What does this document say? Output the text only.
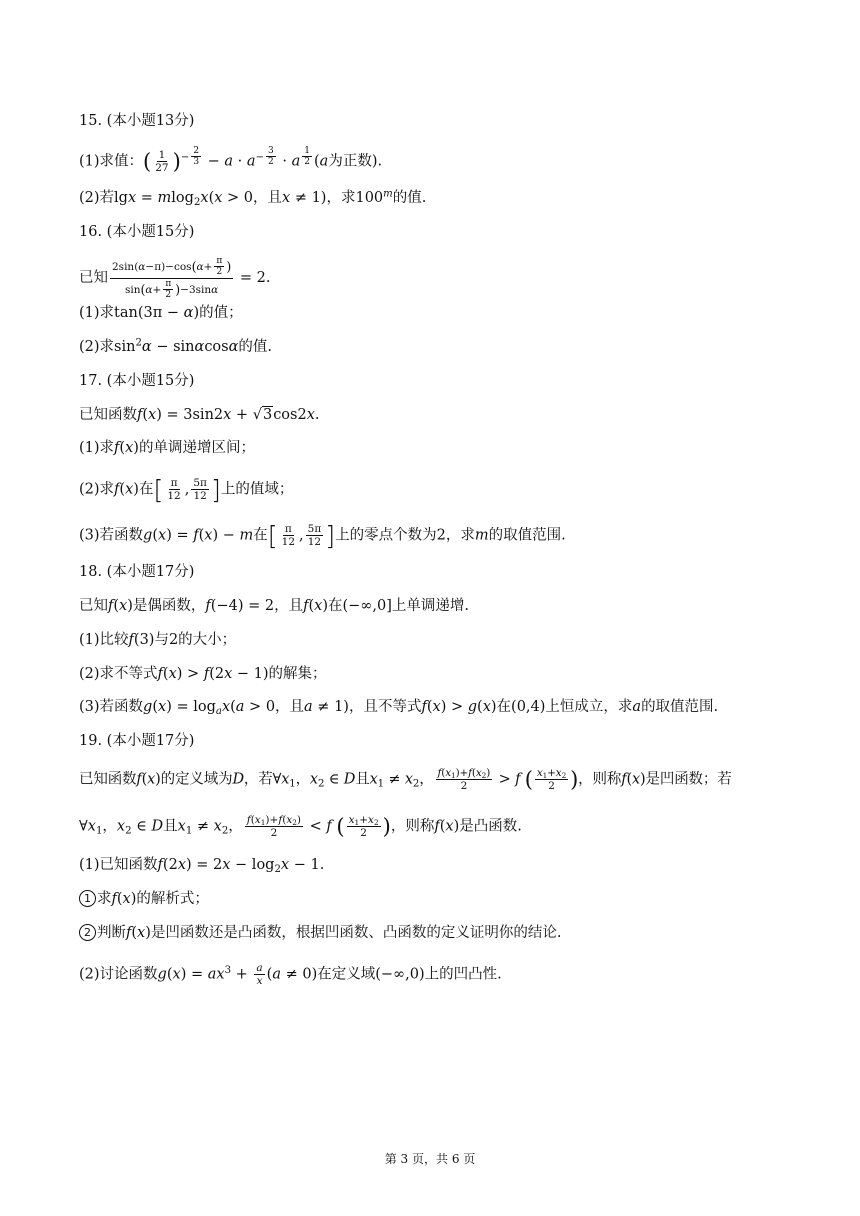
15. (本小题13分)
(1)求值：( $\frac{1}{27} )^{- \frac{2}{3}} - a \cdot a^{- \frac{3}{2}} \cdot a$ $^{\frac{1}{2}}$ (a为正数).
(2)若lgx = mlog$_2$x(x > 0，且x ≠ 1)，求100$^m$的值.
16. (本小题15分)
已知 $\frac{2\sin(\alpha-\pi)-\cos(\alpha+ \frac{\pi}{2} )}{\sin(\alpha+ \frac{\pi}{2} )-3\sin\alpha} = 2$.
(1)求tan(3π − α)的值；
(2)求$\sin^2\alpha - \sin\alpha\cos\alpha$的值.
17. (本小题15分)
已知函数f(x) = 3sin2x + √3cos2x.
(1)求f(x)的单调递增区间；
(2)求f(x)在[ $\frac{\pi}{12}$ , $\frac{5\pi}{12}$ ]上的值域；
(3)若函数g(x) = f(x) − m在[ $\frac{\pi}{12}$ , $\frac{5\pi}{12}$ ]上的零点个数为2，求m的取值范围.
18. (本小题17分)
已知f(x)是偶函数，f(−4) = 2，且f(x)在(−∞,0]上单调递增.
(1)比较f(3)与2的大小；
(2)求不等式f(x) > f(2x − 1)的解集；
(3)若函数$g(x) = \log_ax(a > 0$，且a ≠ 1)，且不等式f(x) > g(x)在(0,4)上恒成立，求a的取值范围.
19. (本小题17分)
已知函数f(x)的定义域为D，若$\forall x_1$，$x_2$ ∈ D且$x_1 \ne x_2$， $\frac{f(x_1)+f(x_2)}{2} > f$ ( $\frac{x_1+x_2}{2}$ )，则称f(x)是凹函数；若
$\forall x_1$，$x_2$ ∈ D且$x_1 \ne x_2$， $\frac{f(x_1)+f(x_2)}{2} < f$ ( $\frac{x_1+x_2}{2}$ )，则称f(x)是凸函数.
(1)已知函数$f(2x) = 2x - \log_2x - 1$.
1 求f(x)的解析式；
2 判断f(x)是凹函数还是凸函数，根据凹函数、凸函数的定义证明你的结论.
(2)讨论函数$g(x) = ax^3 + \frac{a}{x} (a \ne 0)$在定义域(−∞,0)上的凹凸性.
第 3 页，共 6 页
